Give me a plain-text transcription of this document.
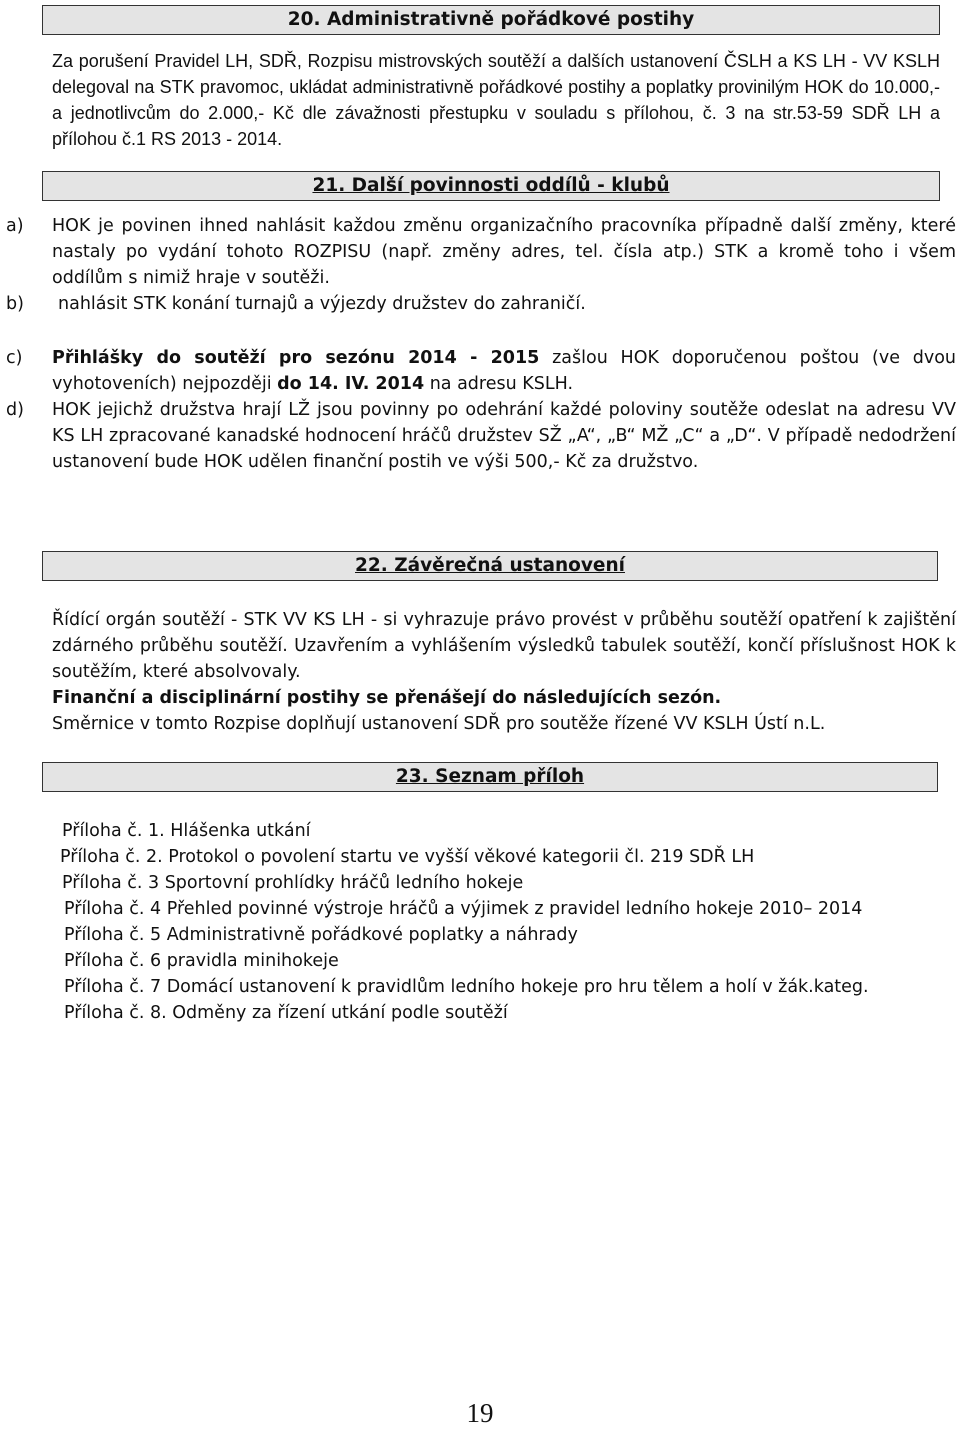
20. Administrativně pořádkové postihy

Za porušení Pravidel LH, SDŘ, Rozpisu mistrovských soutěží a dalších ustanovení ČSLH a KS LH - VV KSLH delegoval na STK pravomoc, ukládat administrativně pořádkové postihy a poplatky provinilým HOK do 10.000,- a jednotlivcům do 2.000,- Kč dle závažnosti přestupku v souladu s přílohou, č. 3 na str.53-59 SDŘ LH a přílohou č.1 RS 2013 - 2014.

21. Další povinnosti oddílů - klubů
a) HOK je povinen ihned nahlásit každou změnu organizačního pracovníka případně další změny, které nastaly po vydání tohoto ROZPISU (např. změny adres, tel. čísla atp.) STK a kromě toho i všem oddílům s nimiž hraje v soutěži.
b) nahlásit STK konání turnajů a výjezdy družstev do zahraničí.
c) Přihlášky do soutěží pro sezónu 2014 - 2015 zašlou HOK doporučenou poštou (ve dvou vyhotoveních) nejpozději do 14. IV. 2014 na adresu KSLH.
d) HOK jejichž družstva hrají LŽ jsou povinny po odehrání každé poloviny soutěže odeslat na adresu VV KS LH zpracované kanadské hodnocení hráčů družstev SŽ „A“, „B“ MŽ „C“ a „D“. V případě nedodržení ustanovení bude HOK udělen finanční postih ve výši 500,- Kč za družstvo.
22. Závěrečná ustanovení

Řídící orgán soutěží - STK VV KS LH - si vyhrazuje právo provést v průběhu soutěží opatření k zajištění zdárného průběhu soutěží. Uzavřením a vyhlášením výsledků tabulek soutěží, končí příslušnost HOK k soutěžím, které absolvovaly.

Finanční a disciplinární postihy se přenášejí do následujících sezón.

Směrnice v tomto Rozpise doplňují ustanovení SDŘ pro soutěže řízené VV KSLH Ústí n.L.

23. Seznam příloh
Příloha č. 1. Hlášenka utkání
Příloha č. 2. Protokol o povolení startu ve vyšší věkové kategorii čl. 219 SDŘ LH
Příloha č. 3 Sportovní prohlídky hráčů ledního hokeje
Příloha č. 4 Přehled povinné výstroje hráčů a výjimek z pravidel ledního hokeje 2010– 2014
Příloha č. 5 Administrativně pořádkové poplatky a náhrady
Příloha č. 6 pravidla minihokeje
Příloha č. 7 Domácí ustanovení k pravidlům ledního hokeje pro hru tělem a holí v žák.kateg.
Příloha č. 8. Odměny za řízení utkání podle soutěží
19
